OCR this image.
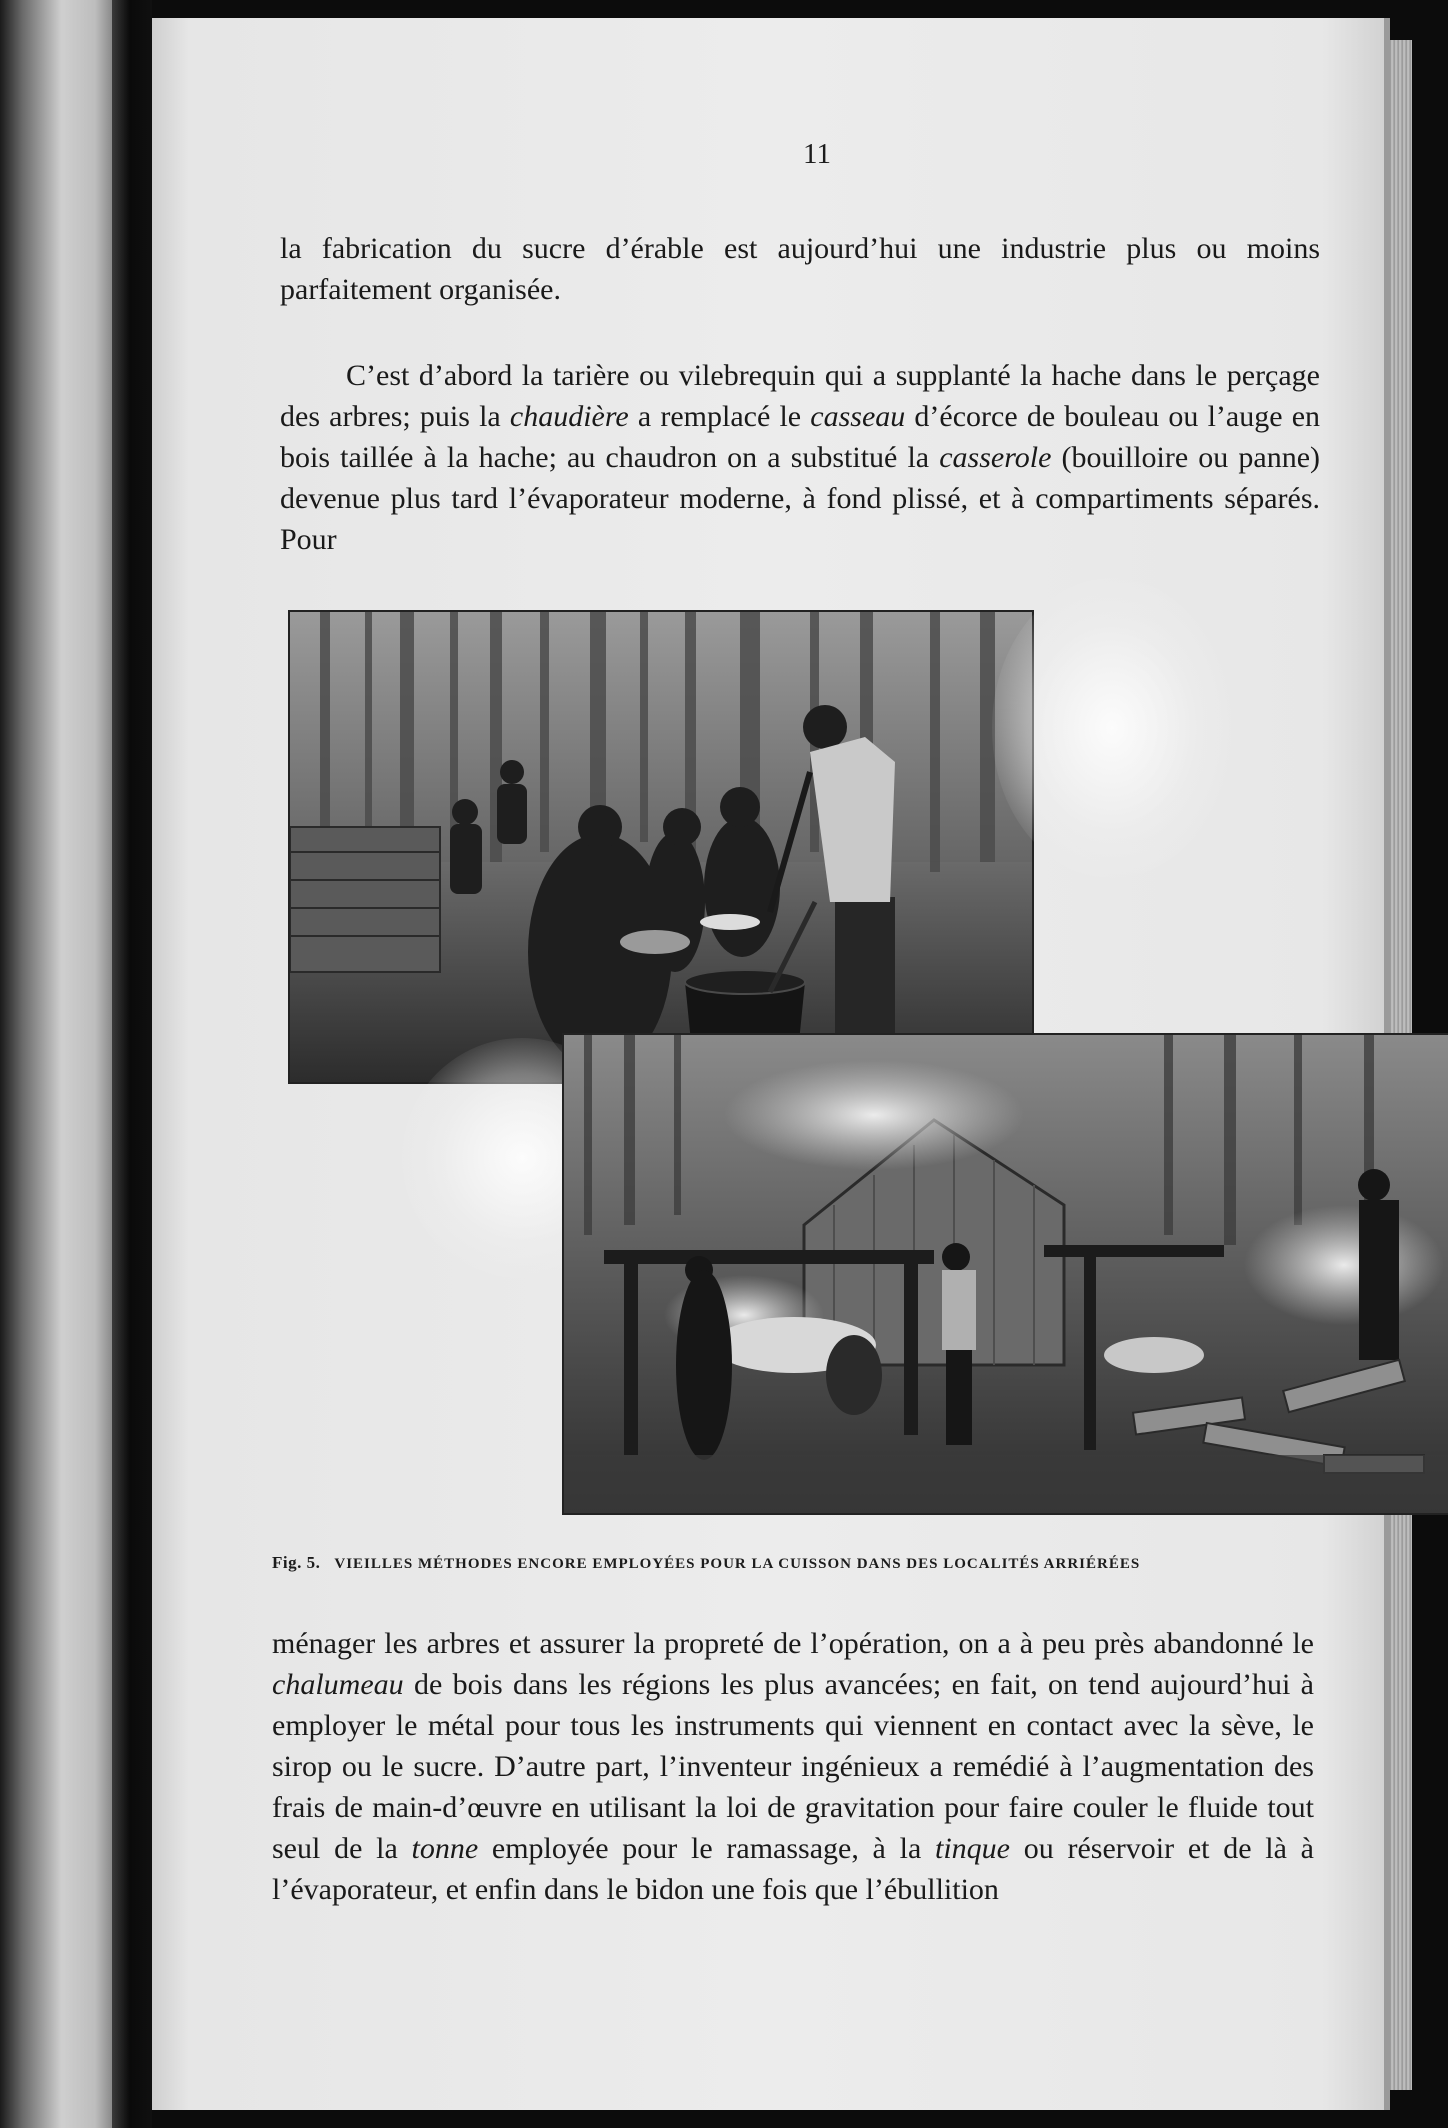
11

la fabrication du sucre d’érable est aujourd’hui une industrie plus ou moins parfaitement organisée.

C’est d’abord la tarière ou vilebrequin qui a supplanté la hache dans le perçage des arbres; puis la chaudière a remplacé le casseau d’écorce de bouleau ou l’auge en bois taillée à la hache; au chaudron on a substitué la casserole (bouilloire ou panne) devenue plus tard l’évaporateur moderne, à fond plissé, et à compartiments séparés. Pour

Fig. 5. VIEILLES MÉTHODES ENCORE EMPLOYÉES POUR LA CUISSON DANS DES LOCALITÉS ARRIÉRÉES

ménager les arbres et assurer la propreté de l’opération, on a à peu près abandonné le chalumeau de bois dans les régions les plus avancées; en fait, on tend aujourd’hui à employer le métal pour tous les instruments qui viennent en contact avec la sève, le sirop ou le sucre. D’autre part, l’inventeur ingénieux a remédié à l’augmentation des frais de main-d’œuvre en utilisant la loi de gravitation pour faire couler le fluide tout seul de la tonne employée pour le ramassage, à la tinque ou réservoir et de là à l’évaporateur, et enfin dans le bidon une fois que l’ébullition
